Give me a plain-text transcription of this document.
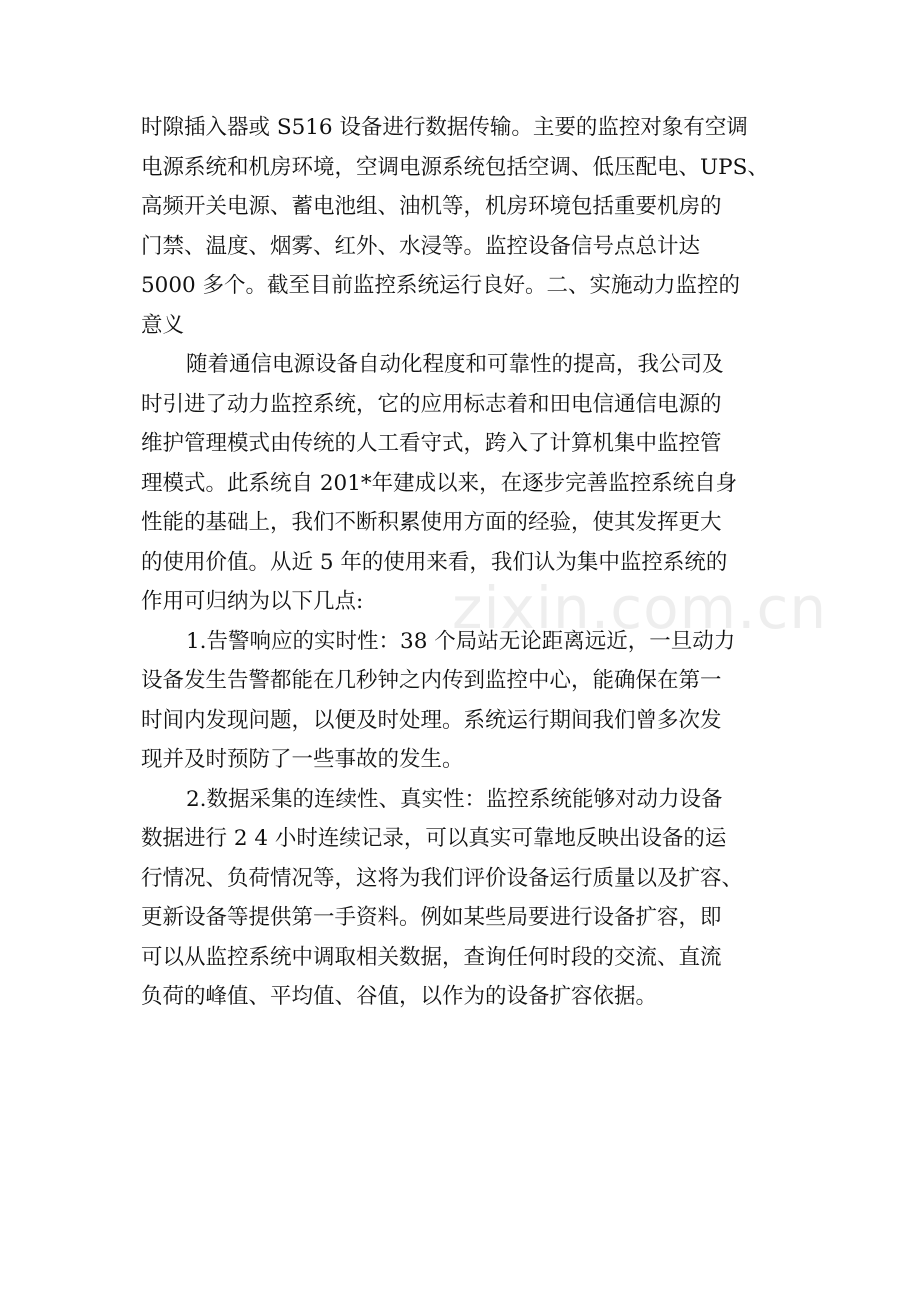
时隙插入器或 S516 设备进行数据传输。主要的监控对象有空调
电源系统和机房环境，空调电源系统包括空调、低压配电、UPS、
高频开关电源、蓄电池组、油机等，机房环境包括重要机房的
门禁、温度、烟雾、红外、水浸等。监控设备信号点总计达
5000 多个。截至目前监控系统运行良好。二、实施动力监控的
意义
随着通信电源设备自动化程度和可靠性的提高，我公司及
时引进了动力监控系统，它的应用标志着和田电信通信电源的
维护管理模式由传统的人工看守式，跨入了计算机集中监控管
理模式。此系统自 201*年建成以来，在逐步完善监控系统自身
性能的基础上，我们不断积累使用方面的经验，使其发挥更大
的使用价值。从近 5 年的使用来看，我们认为集中监控系统的
作用可归纳为以下几点:
1.告警响应的实时性：38 个局站无论距离远近，一旦动力
设备发生告警都能在几秒钟之内传到监控中心，能确保在第一
时间内发现问题，以便及时处理。系统运行期间我们曾多次发
现并及时预防了一些事故的发生。
2.数据采集的连续性、真实性：监控系统能够对动力设备
数据进行 2 4 小时连续记录，可以真实可靠地反映出设备的运
行情况、负荷情况等，这将为我们评价设备运行质量以及扩容、
更新设备等提供第一手资料。例如某些局要进行设备扩容，即
可以从监控系统中调取相关数据，查询任何时段的交流、直流
负荷的峰值、平均值、谷值，以作为的设备扩容依据。
zixin.com.cn
